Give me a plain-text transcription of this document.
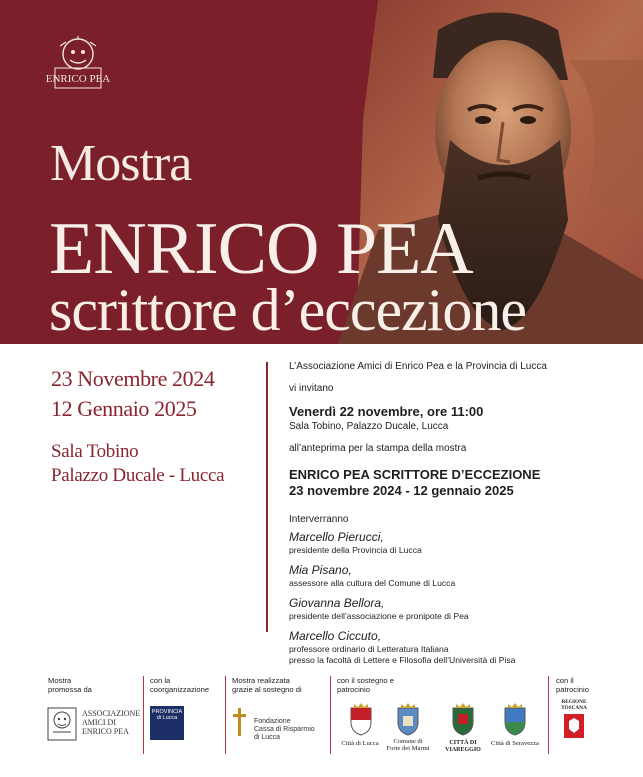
ENRICO PEA
Mostra
ENRICO PEA
scrittore d’eccezione
23 Novembre 2024
12 Gennaio 2025
Sala Tobino
Palazzo Ducale - Lucca
L’Associazione Amici di Enrico Pea e la Provincia di Lucca
vi invitano
Venerdì 22 novembre, ore 11:00
Sala Tobino, Palazzo Ducale, Lucca
all’anteprima per la stampa della mostra
ENRICO PEA SCRITTORE D’ECCEZIONE
23 novembre 2024 - 12 gennaio 2025
Interverranno
Marcello Pierucci,
presidente della Provincia di Lucca
Mia Pisano,
assessore alla cultura del Comune di Lucca
Giovanna Bellora,
presidente dell’associazione e pronipote di Pea
Marcello Ciccuto,
professore ordinario di Letteratura Italiana
presso la facoltà di Lettere e Filosofia dell’Università di Pisa
Mostra
promossa da
ASSOCIAZIONE
AMICI DI
ENRICO PEA
con la
coorganizzazione
PROVINCIA
di Lucca
Mostra realizzata
grazie al sostegno di
Fondazione
Cassa di Risparmio
di Lucca
con il sostegno e
patrocinio
Città di Lucca	Comune di
Forte dei Marmi
CITTÀ DI VIAREGGIO
Città di Seravezza
con il
patrocinio
REGIONE
TOSCANA
